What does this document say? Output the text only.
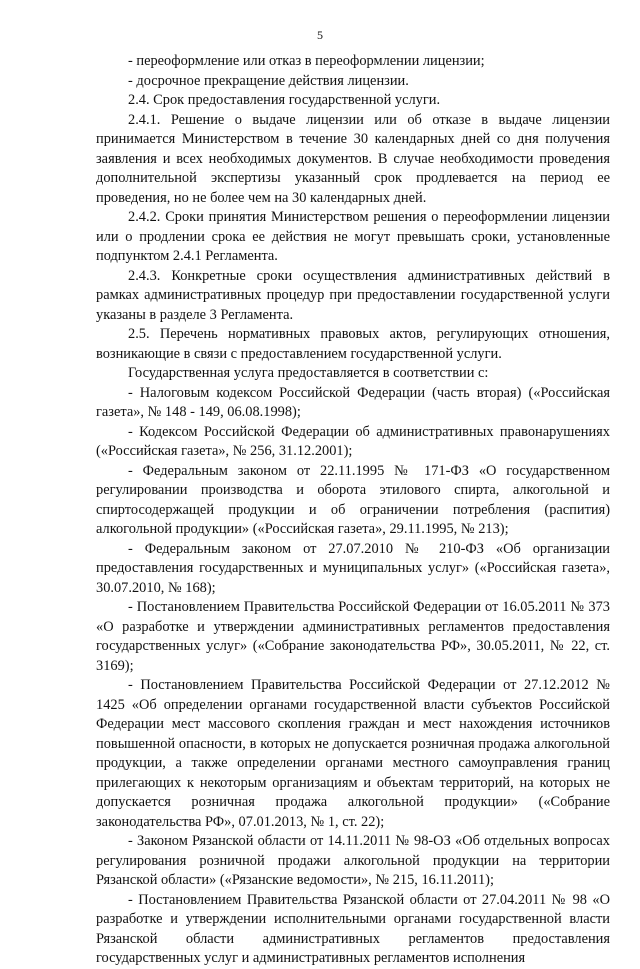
5

- переоформление или отказ в переоформлении лицензии;

- досрочное прекращение действия лицензии.

2.4. Срок предоставления государственной услуги.

2.4.1. Решение о выдаче лицензии или об отказе в выдаче лицензии принимается Министерством в течение 30 календарных дней со дня получения заявления и всех необходимых документов. В случае необходимости проведения дополнительной экспертизы указанный срок продлевается на период ее проведения, но не более чем на 30 календарных дней.

2.4.2. Сроки принятия Министерством решения о переоформлении лицензии или о продлении срока ее действия не могут превышать сроки, установленные подпунктом 2.4.1 Регламента.

2.4.3. Конкретные сроки осуществления административных действий в рамках административных процедур при предоставлении государственной услуги указаны в разделе 3 Регламента.

2.5. Перечень нормативных правовых актов, регулирующих отношения, возникающие в связи с предоставлением государственной услуги.

Государственная услуга предоставляется в соответствии с:

- Налоговым кодексом Российской Федерации (часть вторая) («Российская газета», № 148 - 149, 06.08.1998);

- Кодексом Российской Федерации об административных правонарушениях («Российская газета», № 256, 31.12.2001);

- Федеральным законом от 22.11.1995 № 171-ФЗ «О государственном регулировании производства и оборота этилового спирта, алкогольной и спиртосодержащей продукции и об ограничении потребления (распития) алкогольной продукции» («Российская газета», 29.11.1995, № 213);

- Федеральным законом от 27.07.2010 № 210-ФЗ «Об организации предоставления государственных и муниципальных услуг» («Российская газета», 30.07.2010, № 168);

- Постановлением Правительства Российской Федерации от 16.05.2011 № 373 «О разработке и утверждении административных регламентов предоставления государственных услуг» («Собрание законодательства РФ», 30.05.2011, № 22, ст. 3169);

- Постановлением Правительства Российской Федерации от 27.12.2012 № 1425 «Об определении органами государственной власти субъектов Российской Федерации мест массового скопления граждан и мест нахождения источников повышенной опасности, в которых не допускается розничная продажа алкогольной продукции, а также определении органами местного самоуправления границ прилегающих к некоторым организациям и объектам территорий, на которых не допускается розничная продажа алкогольной продукции» («Собрание законодательства РФ», 07.01.2013, № 1, ст. 22);

- Законом Рязанской области от 14.11.2011 № 98-ОЗ «Об отдельных вопросах регулирования розничной продажи алкогольной продукции на территории Рязанской области» («Рязанские ведомости», № 215, 16.11.2011);

- Постановлением Правительства Рязанской области от 27.04.2011 № 98 «О разработке и утверждении исполнительными органами государственной власти Рязанской области административных регламентов предоставления государственных услуг и административных регламентов исполнения
